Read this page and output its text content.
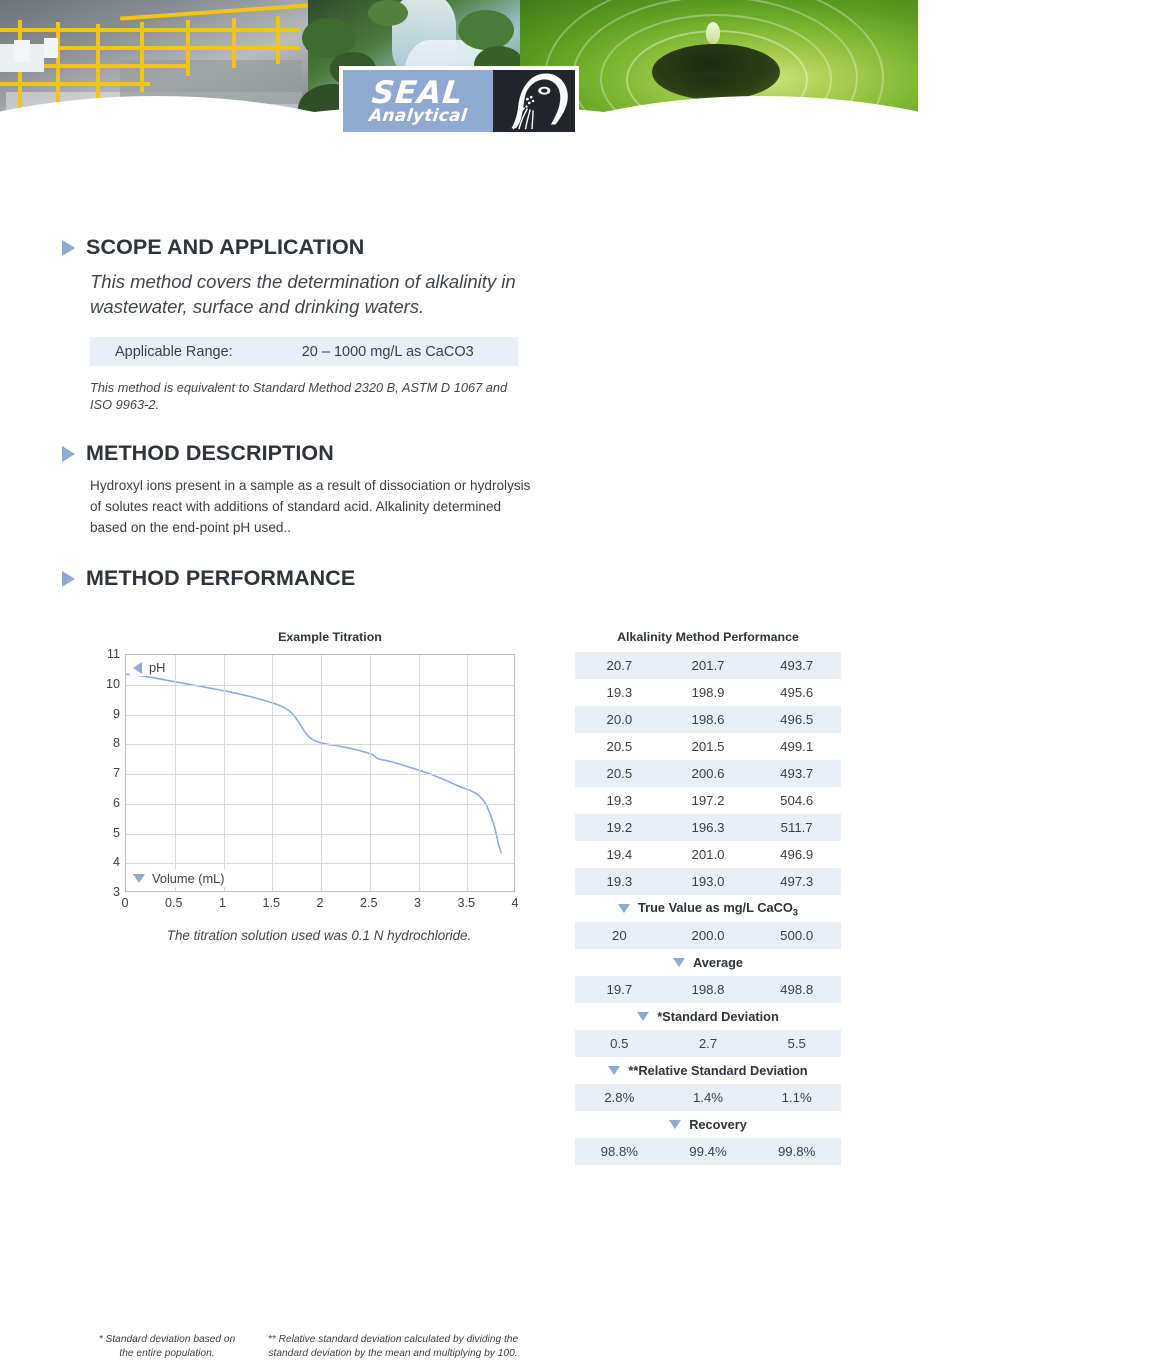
SEAL
Analytical
SCOPE AND APPLICATION
This method covers the determination of alkalinity in wastewater, surface and drinking waters.
Applicable Range:	20 – 1000 mg/L as CaCO3
This method is equivalent to Standard Method 2320 B, ASTM D 1067 and ISO 9963-2.
METHOD DESCRIPTION
Hydroxyl ions present in a sample as a result of dissociation or hydrolysis of solutes react with additions of standard acid. Alkalinity determined based on the end-point pH used..
METHOD PERFORMANCE
Example Titration
3
4
5
6
7
8
9
10
11
pH
Volume (mL)
0	0.5	1	1.5	2	2.5	3	3.5	4
The titration solution used was 0.1 N hydrochloride.
Alkalinity Method Performance
20.7	201.7	493.7
19.3	198.9	495.6
20.0	198.6	496.5
20.5	201.5	499.1
20.5	200.6	493.7
19.3	197.2	504.6
19.2	196.3	511.7
19.4	201.0	496.9
19.3	193.0	497.3
True Value as mg/L CaCO$_3$
20	200.0	500.0
Average
19.7	198.8	498.8
*Standard Deviation
0.5	2.7	5.5
**Relative Standard Deviation
2.8%	1.4%	1.1%
Recovery
98.8%	99.4%	99.8%
* Standard deviation based on the entire population.
** Relative standard deviation calculated by dividing the standard deviation by the mean and multiplying by 100.
